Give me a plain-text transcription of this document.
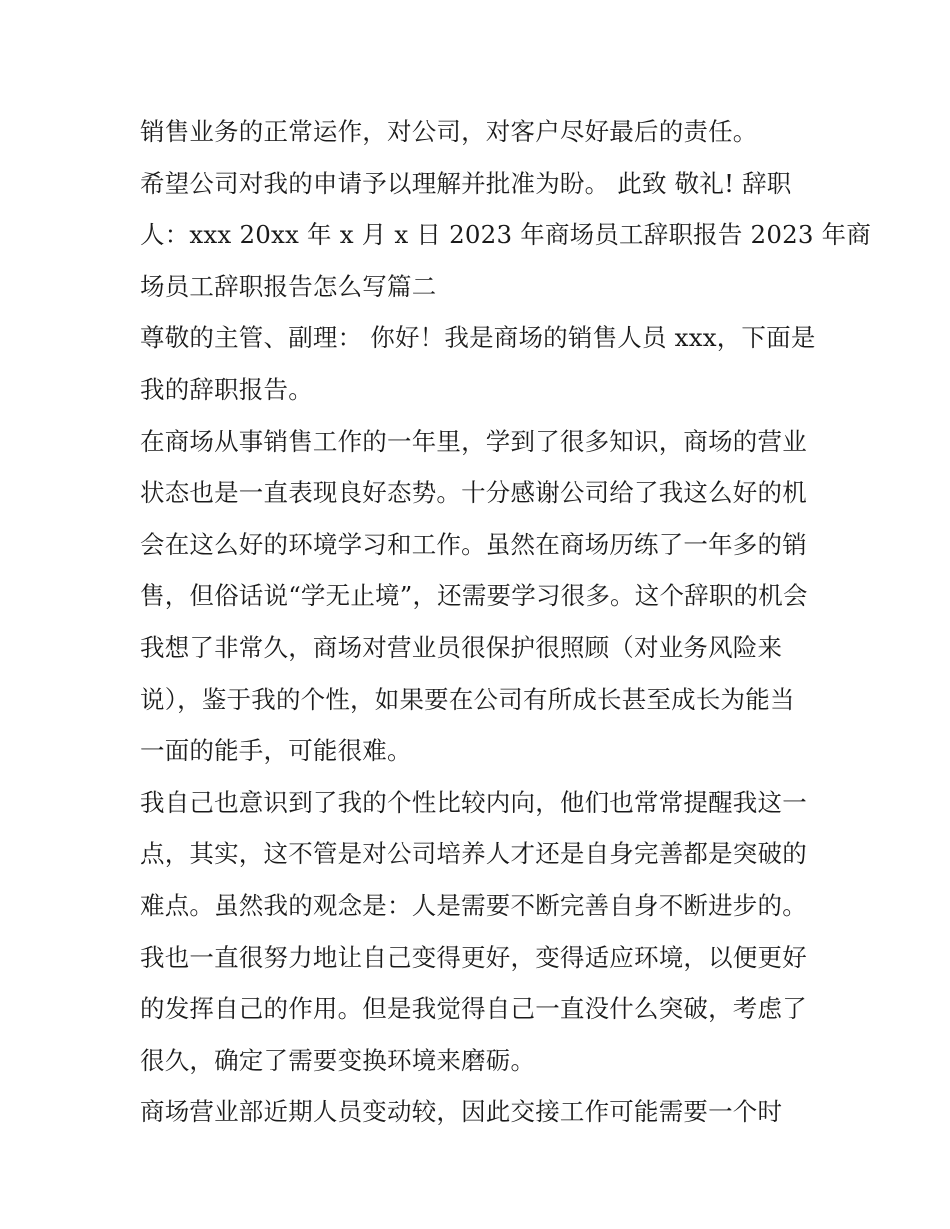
销售业务的正常运作，对公司，对客户尽好最后的责任。
希望公司对我的申请予以理解并批准为盼。 此致 敬礼! 辞职
人：xxx 20xx 年 x 月 x 日 2023 年商场员工辞职报告 2023 年商
场员工辞职报告怎么写篇二
尊敬的主管、副理： 你好！我是商场的销售人员 xxx，下面是
我的辞职报告。
在商场从事销售工作的一年里，学到了很多知识，商场的营业
状态也是一直表现良好态势。十分感谢公司给了我这么好的机
会在这么好的环境学习和工作。虽然在商场历练了一年多的销
售，但俗话说“学无止境”，还需要学习很多。这个辞职的机会
我想了非常久，商场对营业员很保护很照顾（对业务风险来
说），鉴于我的个性，如果要在公司有所成长甚至成长为能当
一面的能手，可能很难。
我自己也意识到了我的个性比较内向，他们也常常提醒我这一
点，其实，这不管是对公司培养人才还是自身完善都是突破的
难点。虽然我的观念是：人是需要不断完善自身不断进步的。
我也一直很努力地让自己变得更好，变得适应环境，以便更好
的发挥自己的作用。但是我觉得自己一直没什么突破，考虑了
很久，确定了需要变换环境来磨砺。
商场营业部近期人员变动较，因此交接工作可能需要一个时
